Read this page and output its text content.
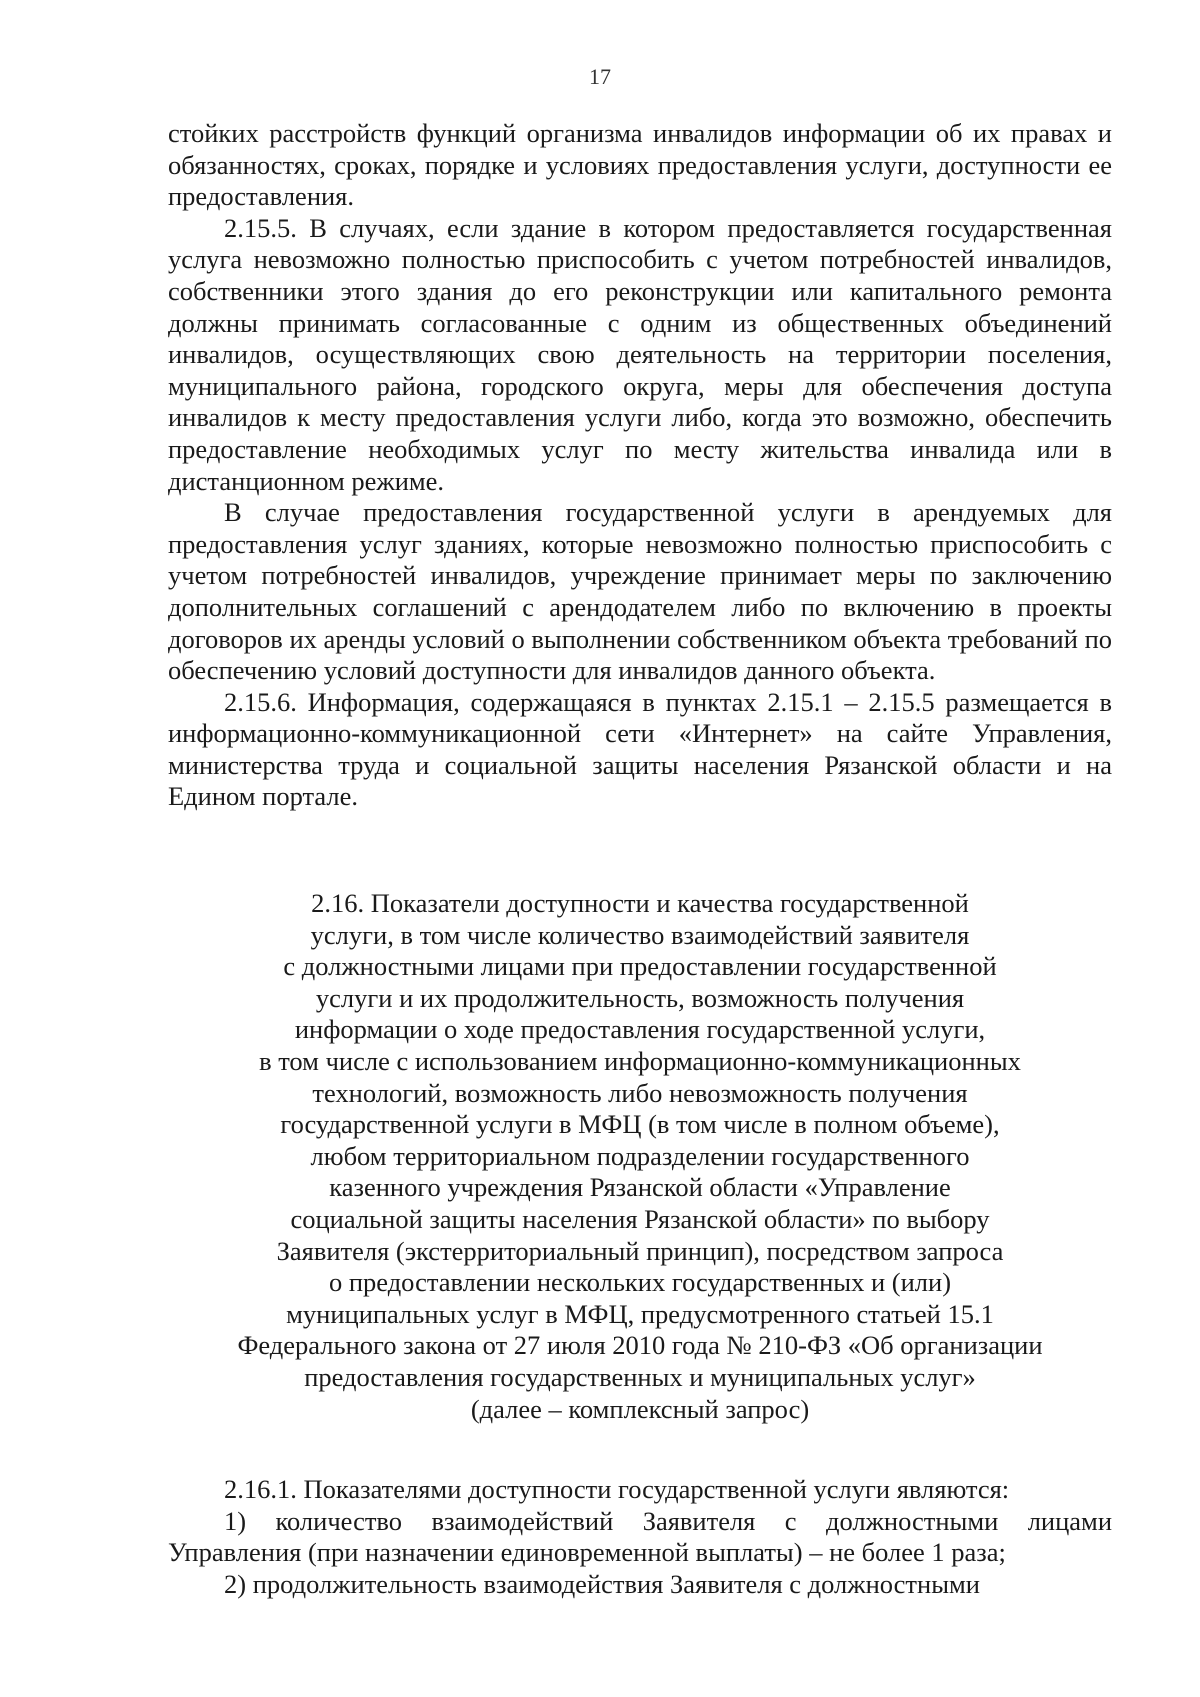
17

стойких расстройств функций организма инвалидов информации об их правах и обязанностях, сроках, порядке и условиях предоставления услуги, доступности ее предоставления.

2.15.5. В случаях, если здание в котором предоставляется государственная услуга невозможно полностью приспособить с учетом потребностей инвалидов, собственники этого здания до его реконструкции или капитального ремонта должны принимать согласованные с одним из общественных объединений инвалидов, осуществляющих свою деятельность на территории поселения, муниципального района, городского округа, меры для обеспечения доступа инвалидов к месту предоставления услуги либо, когда это возможно, обеспечить предоставление необходимых услуг по месту жительства инвалида или в дистанционном режиме.

В случае предоставления государственной услуги в арендуемых для предоставления услуг зданиях, которые невозможно полностью приспособить с учетом потребностей инвалидов, учреждение принимает меры по заключению дополнительных соглашений с арендодателем либо по включению в проекты договоров их аренды условий о выполнении собственником объекта требований по обеспечению условий доступности для инвалидов данного объекта.

2.15.6. Информация, содержащаяся в пунктах 2.15.1 – 2.15.5 размещается в информационно-коммуникационной сети «Интернет» на сайте Управления, министерства труда и социальной защиты населения Рязанской области и на Едином портале.

2.16. Показатели доступности и качества государственной
услуги, в том числе количество взаимодействий заявителя
с должностными лицами при предоставлении государственной
услуги и их продолжительность, возможность получения
информации о ходе предоставления государственной услуги,
в том числе с использованием информационно-коммуникационных
технологий, возможность либо невозможность получения
государственной услуги в МФЦ (в том числе в полном объеме),
любом территориальном подразделении государственного
казенного учреждения Рязанской области «Управление
социальной защиты населения Рязанской области» по выбору
Заявителя (экстерриториальный принцип), посредством запроса
о предоставлении нескольких государственных и (или)
муниципальных услуг в МФЦ, предусмотренного статьей 15.1
Федерального закона от 27 июля 2010 года № 210-ФЗ «Об организации
предоставления государственных и муниципальных услуг»
(далее – комплексный запрос)

2.16.1. Показателями доступности государственной услуги являются:

1) количество взаимодействий Заявителя с должностными лицами Управления (при назначении единовременной выплаты) – не более 1 раза;

2) продолжительность взаимодействия Заявителя с должностными
